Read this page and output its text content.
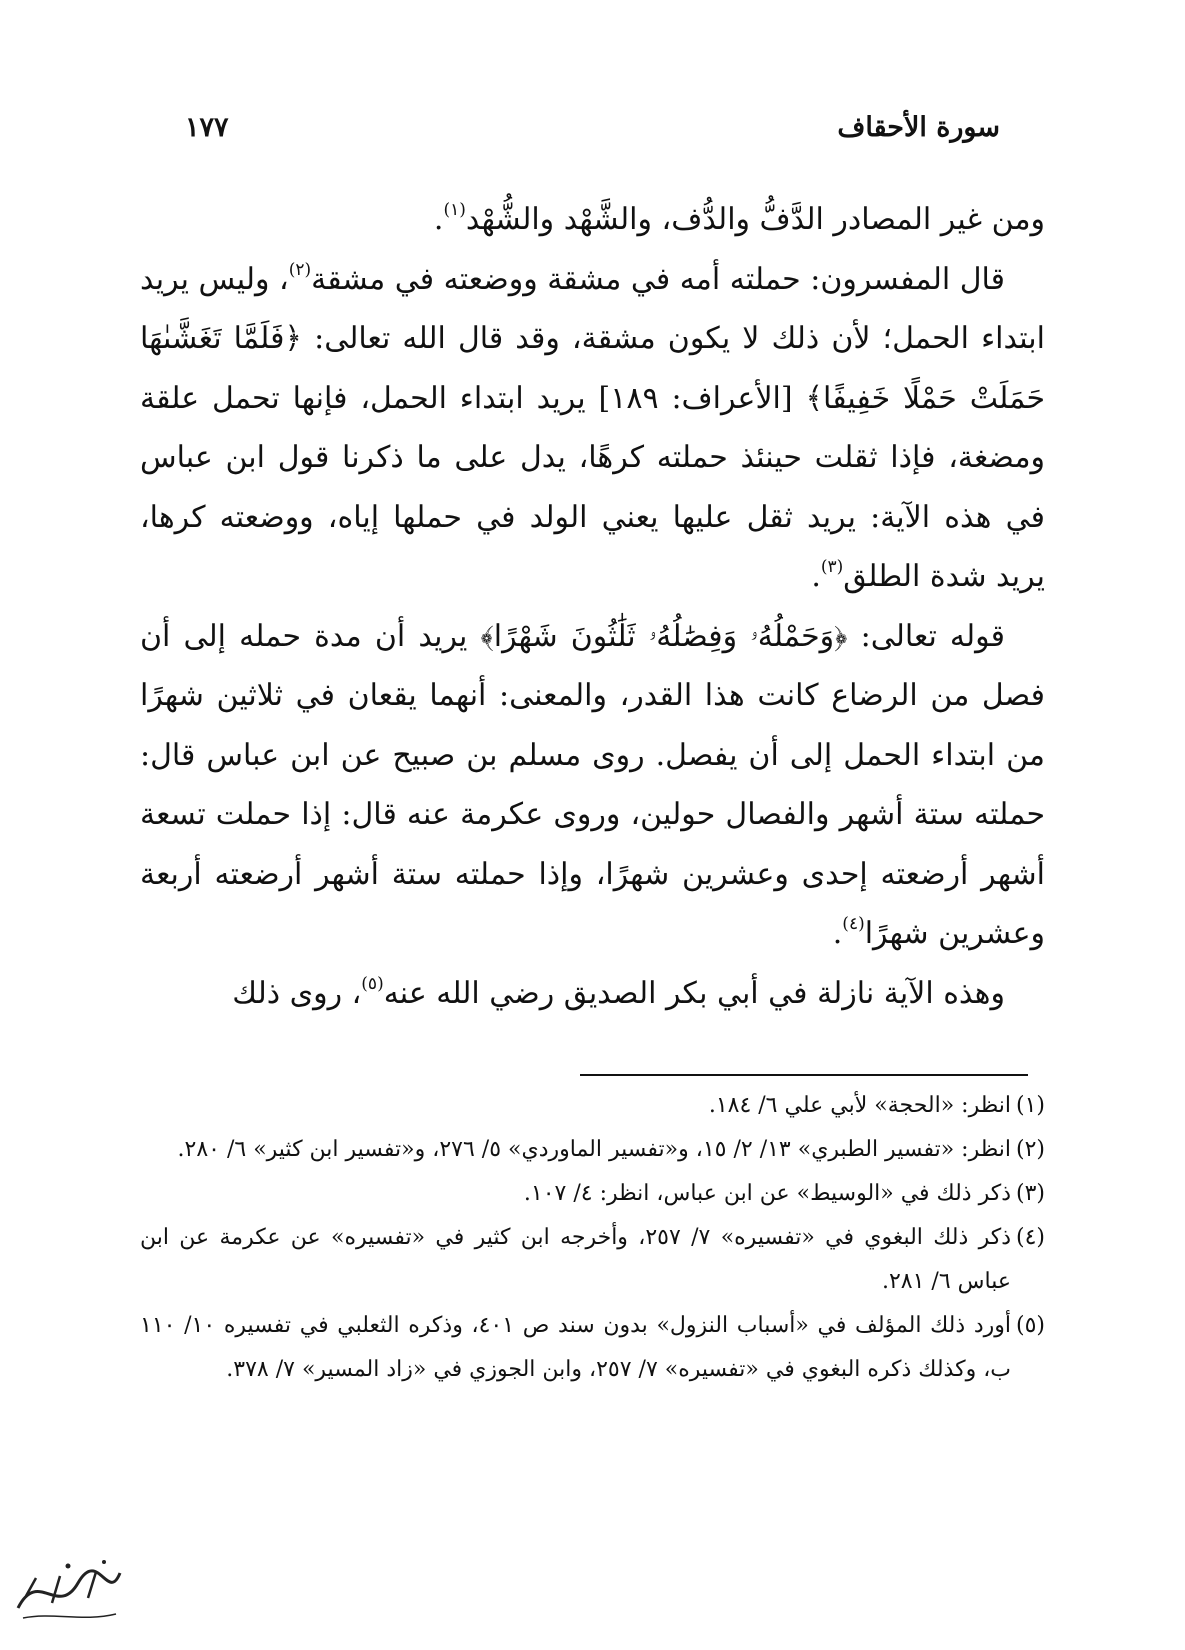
سورة الأحقاف
١٧٧

ومن غير المصادر الدَّفُّ والدُّف، والشَّهْد والشُّهْد$^{(١)}$.

قال المفسرون: حملته أمه في مشقة ووضعته في مشقة$^{(٢)}$، وليس يريد ابتداء الحمل؛ لأن ذلك لا يكون مشقة، وقد قال الله تعالى: ﴿فَلَمَّا تَغَشَّىٰهَا حَمَلَتْ حَمْلًا خَفِيفًا﴾ [الأعراف: ١٨٩] يريد ابتداء الحمل، فإنها تحمل علقة ومضغة، فإذا ثقلت حينئذ حملته كرهًا، يدل على ما ذكرنا قول ابن عباس في هذه الآية: يريد ثقل عليها يعني الولد في حملها إياه، ووضعته كرها، يريد شدة الطلق$^{(٣)}$.

قوله تعالى: ﴿وَحَمْلُهُۥ وَفِصَٰلُهُۥ ثَلَٰثُونَ شَهْرًا﴾ يريد أن مدة حمله إلى أن فصل من الرضاع كانت هذا القدر، والمعنى: أنهما يقعان في ثلاثين شهرًا من ابتداء الحمل إلى أن يفصل. روى مسلم بن صبيح عن ابن عباس قال: حملته ستة أشهر والفصال حولين، وروى عكرمة عنه قال: إذا حملت تسعة أشهر أرضعته إحدى وعشرين شهرًا، وإذا حملته ستة أشهر أرضعته أربعة وعشرين شهرًا$^{(٤)}$.

وهذه الآية نازلة في أبي بكر الصديق رضي الله عنه$^{(٥)}$، روى ذلك

(١)انظر: «الحجة» لأبي علي ٦/ ١٨٤.

(٢)انظر: «تفسير الطبري» ١٣/ ٢/ ١٥، و«تفسير الماوردي» ٥/ ٢٧٦، و«تفسير ابن كثير» ٦/ ٢٨٠.

(٣)ذكر ذلك في «الوسيط» عن ابن عباس، انظر: ٤/ ١٠٧.

(٤)ذكر ذلك البغوي في «تفسيره» ٧/ ٢٥٧، وأخرجه ابن كثير في «تفسيره» عن عكرمة عن ابن عباس ٦/ ٢٨١.

(٥)أورد ذلك المؤلف في «أسباب النزول» بدون سند ص ٤٠١، وذكره الثعلبي في تفسيره ١٠/ ١١٠ ب، وكذلك ذكره البغوي في «تفسيره» ٧/ ٢٥٧، وابن الجوزي في «زاد المسير» ٧/ ٣٧٨.
